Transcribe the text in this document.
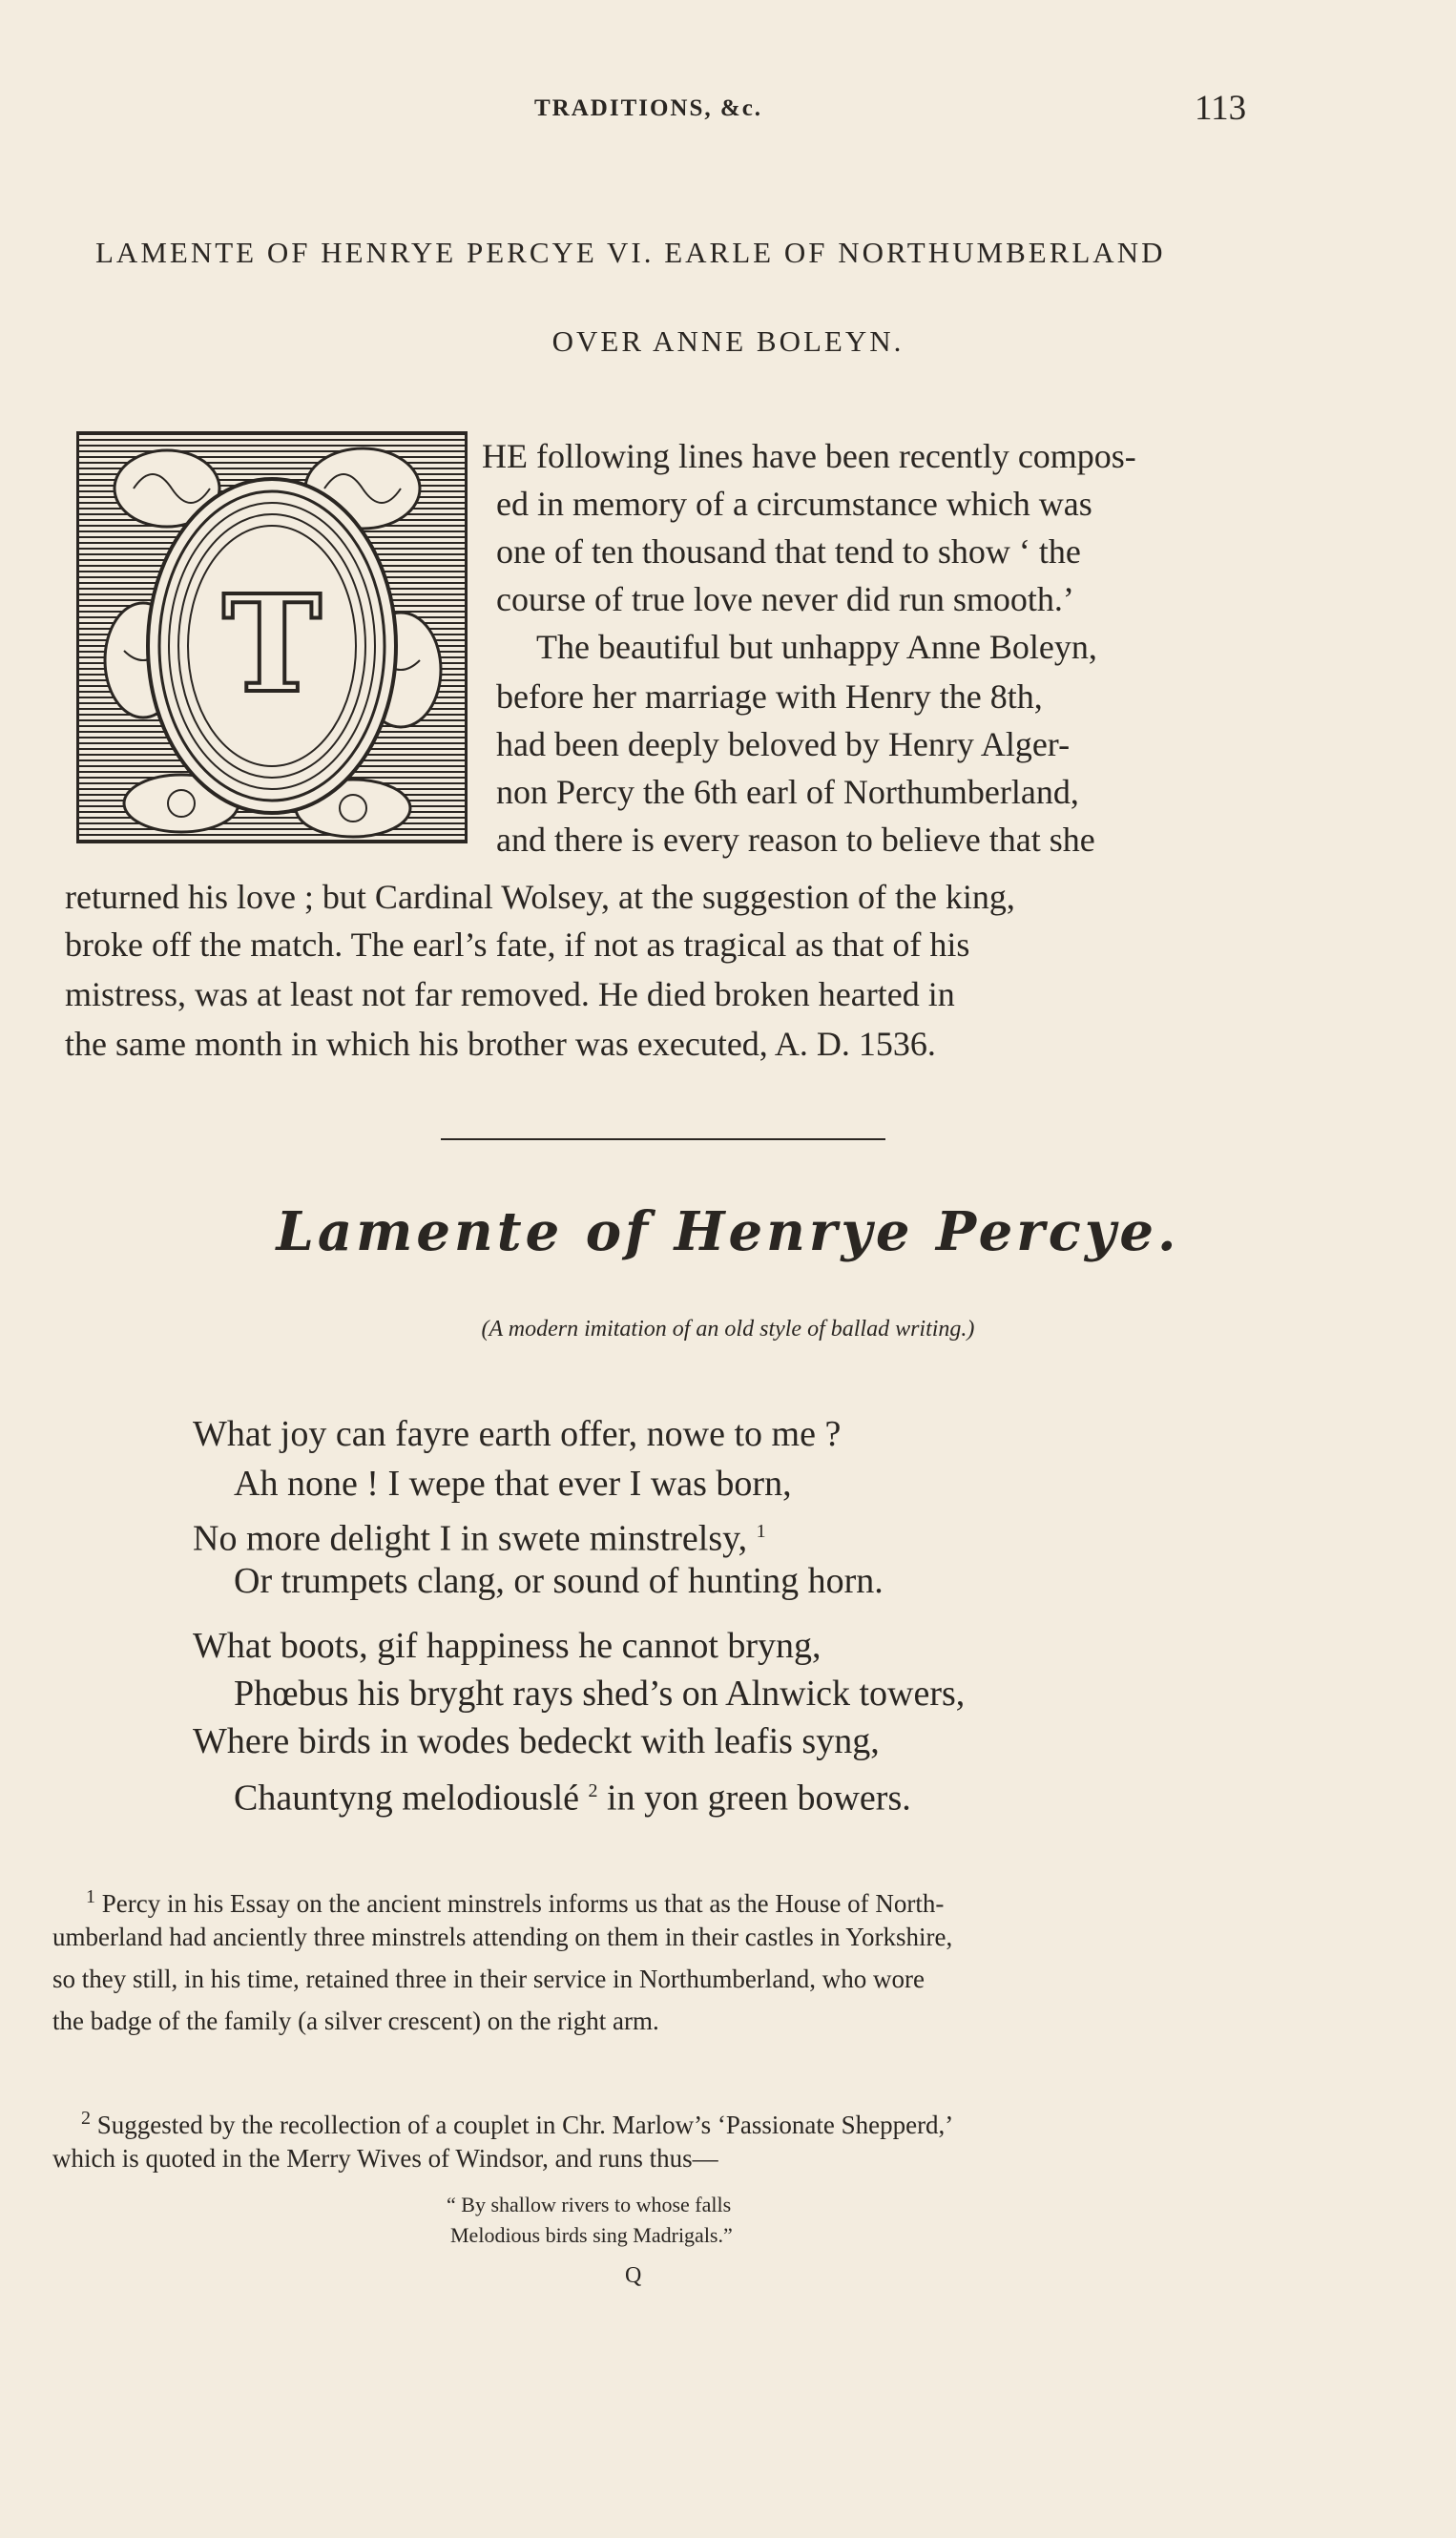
TRADITIONS, &c.	113
LAMENTE OF HENRYE PERCYE VI. EARLE OF NORTHUMBERLAND
OVER ANNE BOLEYN.
T
HE following lines have been recently compos-
ed in memory of a circumstance which was
one of ten thousand that tend to show ‘ the
course of true love never did run smooth.’
The beautiful but unhappy Anne Boleyn,
before her marriage with Henry the 8th,
had been deeply beloved by Henry Alger-
non Percy the 6th earl of Northumberland,
and there is every reason to believe that she
returned his love ; but Cardinal Wolsey, at the suggestion of the king,
broke off the match. The earl’s fate, if not as tragical as that of his
mistress, was at least not far removed. He died broken hearted in
the same month in which his brother was executed, A. D. 1536.
Lamente of Henrye Percye.
(A modern imitation of an old style of ballad writing.)
What joy can fayre earth offer, nowe to me ?
Ah none ! I wepe that ever I was born,
No more delight I in swete minstrelsy, $^1$
Or trumpets clang, or sound of hunting horn.
What boots, gif happiness he cannot bryng,
Phœbus his bryght rays shed’s on Alnwick towers,
Where birds in wodes bedeckt with leafis syng,
Chauntyng melodiouslé $^2$ in yon green bowers.
$^1$ Percy in his Essay on the ancient minstrels informs us that as the House of North-
umberland had anciently three minstrels attending on them in their castles in Yorkshire,
so they still, in his time, retained three in their service in Northumberland, who wore
the badge of the family (a silver crescent) on the right arm.
$^2$ Suggested by the recollection of a couplet in Chr. Marlow’s ‘Passionate Shepperd,’
which is quoted in the Merry Wives of Windsor, and runs thus—
“ By shallow rivers to whose falls
Melodious birds sing Madrigals.”
Q
